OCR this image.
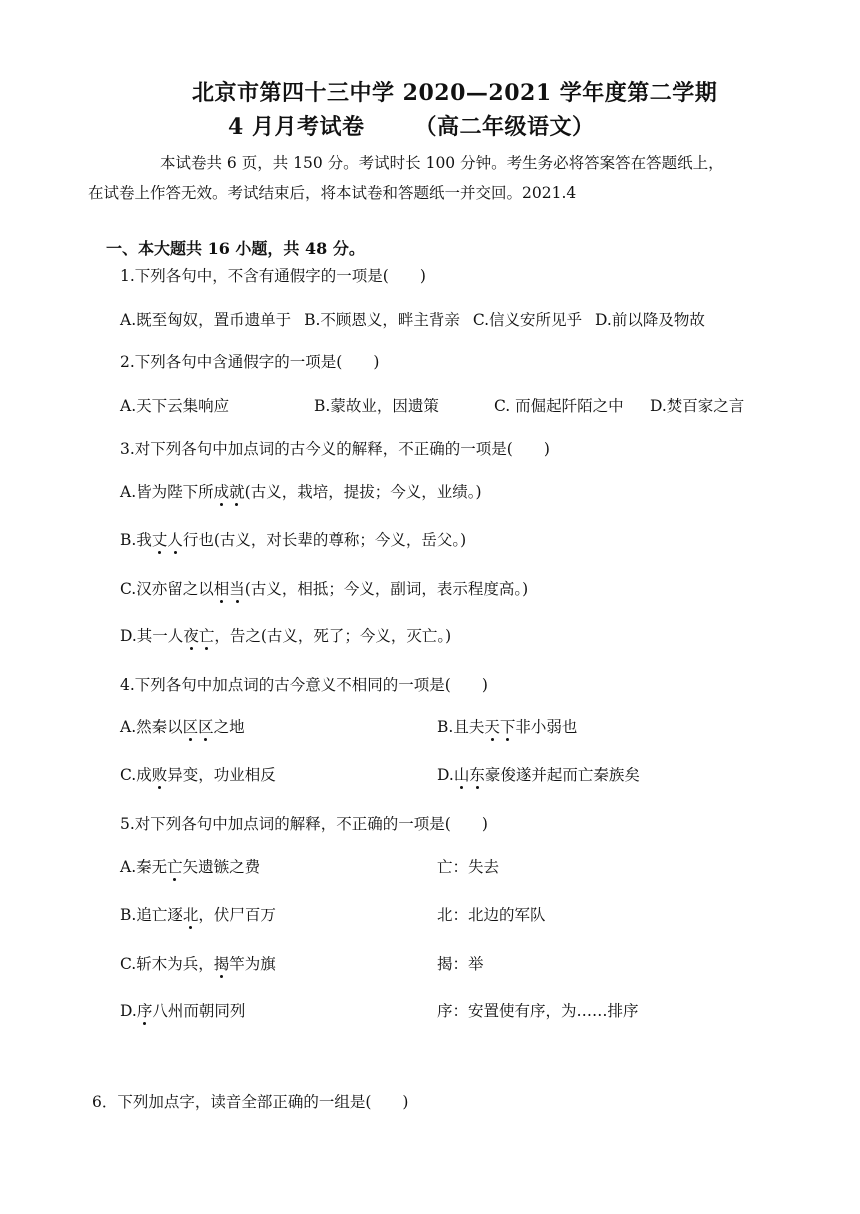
北京市第四十三中学 2020—2021 学年度第二学期
4 月月考试卷 （高二年级语文）
本试卷共 6 页，共 150 分。考试时长 100 分钟。考生务必将答案答在答题纸上，
在试卷上作答无效。考试结束后，将本试卷和答题纸一并交回。2021.4
一、本大题共 16 小题，共 48 分。
1.下列各句中，不含有通假字的一项是(　　)
A.既至匈奴，置币遗单于 B.不顾恩义，畔主背亲 C.信义安所见乎 D.前以降及物故
2.下列各句中含通假字的一项是(　　)
A.天下云集响应	B.蒙故业，因遗策	C. 而倔起阡陌之中 D.焚百家之言
3.对下列各句中加点词的古今义的解释，不正确的一项是(　　)
A.皆为陛下所成就(古义，栽培，提拔；今义，业绩。)
B.我丈人行也(古义，对长辈的尊称；今义，岳父。)
C.汉亦留之以相当(古义，相抵；今义，副词，表示程度高。)
D.其一人夜亡，告之(古义，死了；今义，灭亡。)
4.下列各句中加点词的古今意义不相同的一项是(　　)
A.然秦以区区之地	B.且夫天下非小弱也
C.成败异变，功业相反	D.山东豪俊遂并起而亡秦族矣
5.对下列各句中加点词的解释，不正确的一项是(　　)
A.秦无亡矢遗镞之费	亡：失去
B.追亡逐北，伏尸百万	北：北边的军队
C.斩木为兵，揭竿为旗	揭：举
D.序八州而朝同列	序：安置使有序，为……排序
6．下列加点字，读音全部正确的一组是(　　)
